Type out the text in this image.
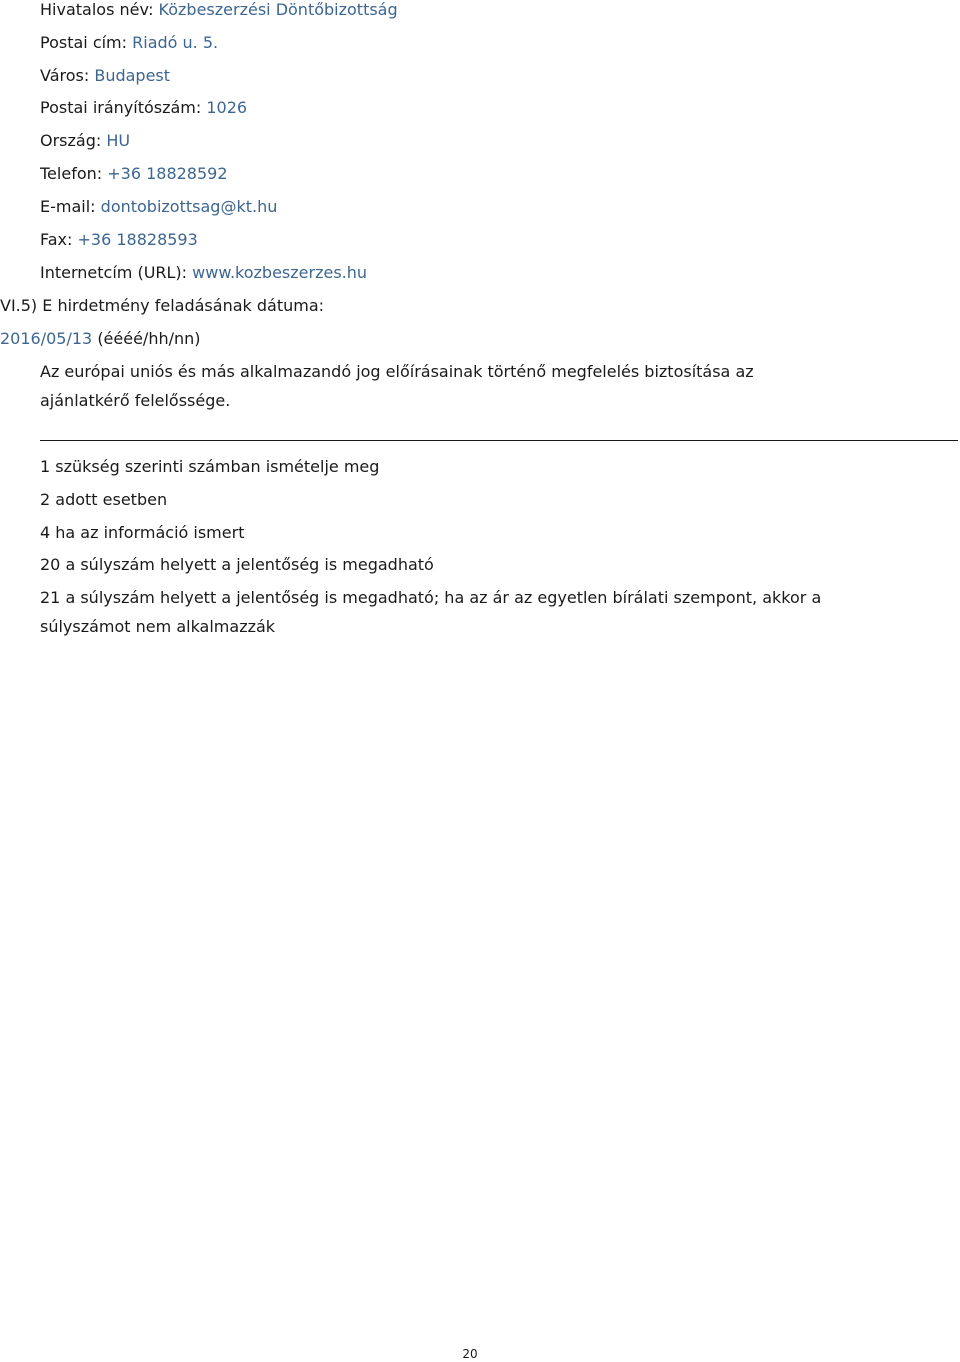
Hivatalos név: Közbeszerzési Döntőbizottság
Postai cím: Riadó u. 5.
Város: Budapest
Postai irányítószám: 1026
Ország: HU
Telefon: +36 18828592
E-mail: dontobizottsag@kt.hu
Fax: +36 18828593
Internetcím (URL): www.kozbeszerzes.hu
VI.5) E hirdetmény feladásának dátuma:
2016/05/13 (éééé/hh/nn)
Az európai uniós és más alkalmazandó jog előírásainak történő megfelelés biztosítása az ajánlatkérő felelőssége.
1 szükség szerinti számban ismételje meg
2 adott esetben
4 ha az információ ismert
20 a súlyszám helyett a jelentőség is megadható
21 a súlyszám helyett a jelentőség is megadható; ha az ár az egyetlen bírálati szempont, akkor a súlyszámot nem alkalmazzák
20
